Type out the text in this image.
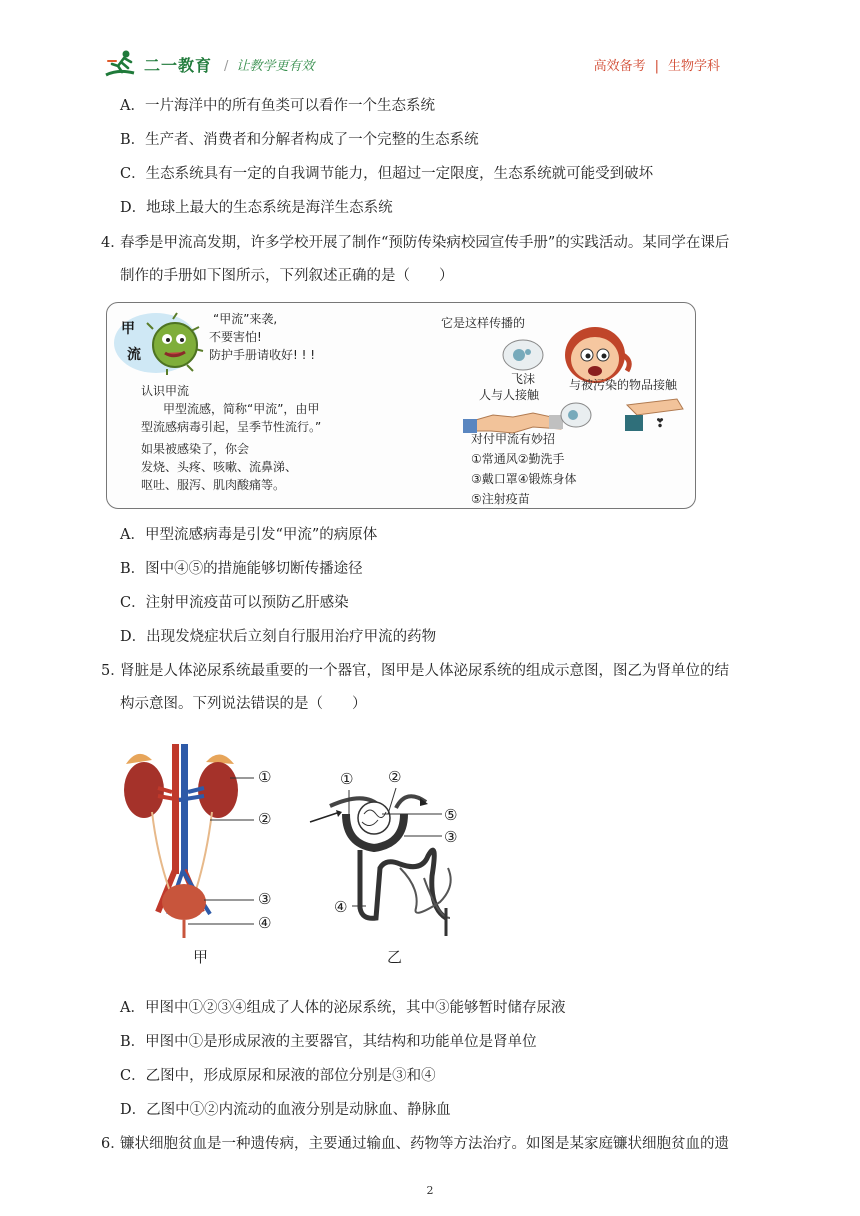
二一教育 / 让教学更有效	高效备考 | 生物学科
A．一片海洋中的所有鱼类可以看作一个生态系统
B．生产者、消费者和分解者构成了一个完整的生态系统
C．生态系统具有一定的自我调节能力，但超过一定限度，生态系统就可能受到破坏
D．地球上最大的生态系统是海洋生态系统
4．
春季是甲流高发期，许多学校开展了制作“预防传染病校园宣传手册”的实践活动。某同学在课后
制作的手册如下图所示，下列叙述正确的是（　　）
甲
流
“甲流”来袭,
不要害怕!
防护手册请收好! ! !
认识甲流
甲型流感，简称“甲流”，由甲
型流感病毒引起，呈季节性流行。”
如果被感染了，你会
发烧、头疼、咳嗽、流鼻涕、
呕吐、服泻、肌肉酸痛等。
它是这样传播的
飞沫
人与人接触
与被污染的物品接触
❣
对付甲流有妙招
①常通风②勤洗手
③戴口罩④锻炼身体
⑤注射疫苗
A．甲型流感病毒是引发“甲流”的病原体
B．图中④⑤的措施能够切断传播途径
C．注射甲流疫苗可以预防乙肝感染
D．出现发烧症状后立刻自行服用治疗甲流的药物
5．
肾脏是人体泌尿系统最重要的一个器官，图甲是人体泌尿系统的组成示意图，图乙为肾单位的结
构示意图。下列说法错误的是（　　）
①
②
③
④
甲
① ②
⑤
③
④
乙
A．甲图中①②③④组成了人体的泌尿系统，其中③能够暂时储存尿液
B．甲图中①是形成尿液的主要器官，其结构和功能单位是肾单位
C．乙图中，形成原尿和尿液的部位分别是③和④
D．乙图中①②内流动的血液分别是动脉血、静脉血
6．
镰状细胞贫血是一种遗传病，主要通过输血、药物等方法治疗。如图是某家庭镰状细胞贫血的遗
2
